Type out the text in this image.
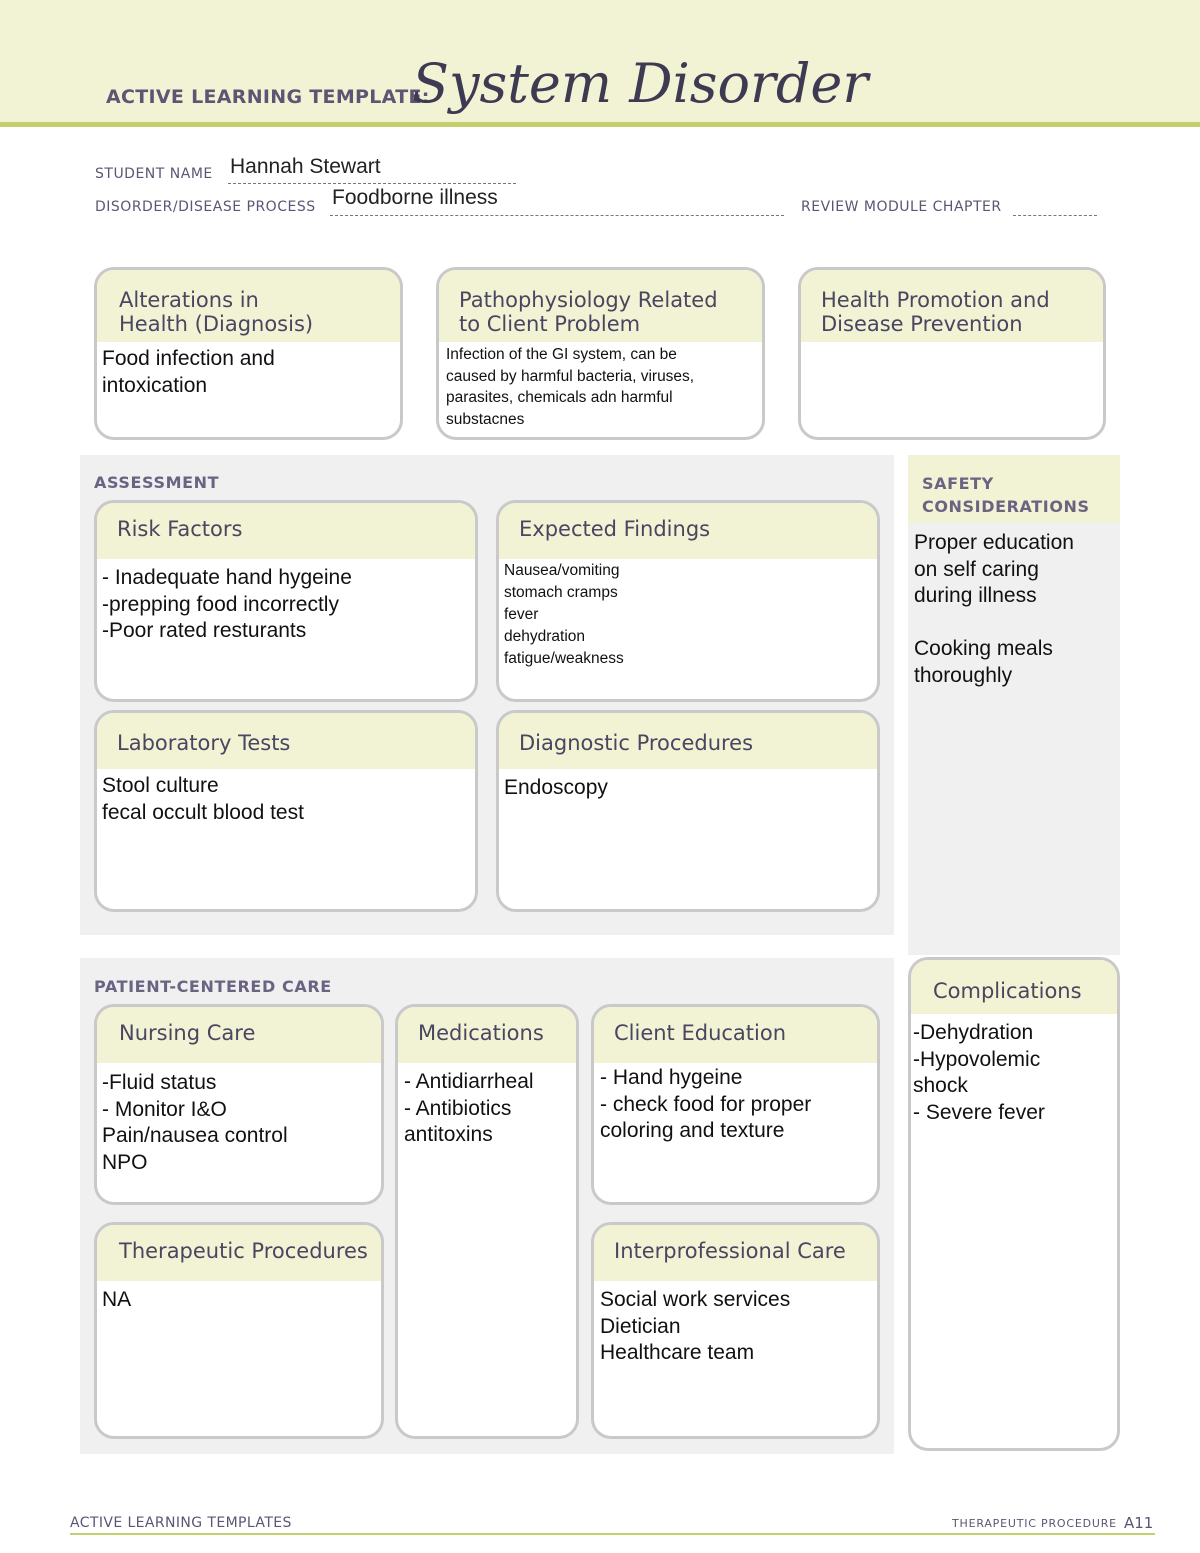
ACTIVE LEARNING TEMPLATE:
System Disorder
STUDENT NAME Hannah Stewart
DISORDER/DISEASE PROCESS Foodborne illness	REVIEW MODULE CHAPTER
Alterations in
Health (Diagnosis)
Food infection and
intoxication
Pathophysiology Related
to Client Problem
Infection of the GI system, can be
caused by harmful bacteria, viruses,
parasites, chemicals adn harmful
substacnes
Health Promotion and
Disease Prevention
ASSESSMENT
Risk Factors
- Inadequate hand hygeine
-prepping food incorrectly
-Poor rated resturants
Expected Findings
Nausea/vomiting
stomach cramps
fever
dehydration
fatigue/weakness
Laboratory Tests
Stool culture
fecal occult blood test
Diagnostic Procedures
Endoscopy
SAFETY
CONSIDERATIONS
Proper education
on self caring
during illness

Cooking meals
thoroughly
PATIENT-CENTERED CARE
Nursing Care
-Fluid status
- Monitor I&O
Pain/nausea control
NPO
Medications
- Antidiarrheal
- Antibiotics
antitoxins
Client Education
- Hand hygeine
- check food for proper
coloring and texture
Therapeutic Procedures
NA
Interprofessional Care
Social work services
Dietician
Healthcare team
Complications
-Dehydration
-Hypovolemic
shock
- Severe fever
ACTIVE LEARNING TEMPLATES	THERAPEUTIC PROCEDURE A11
